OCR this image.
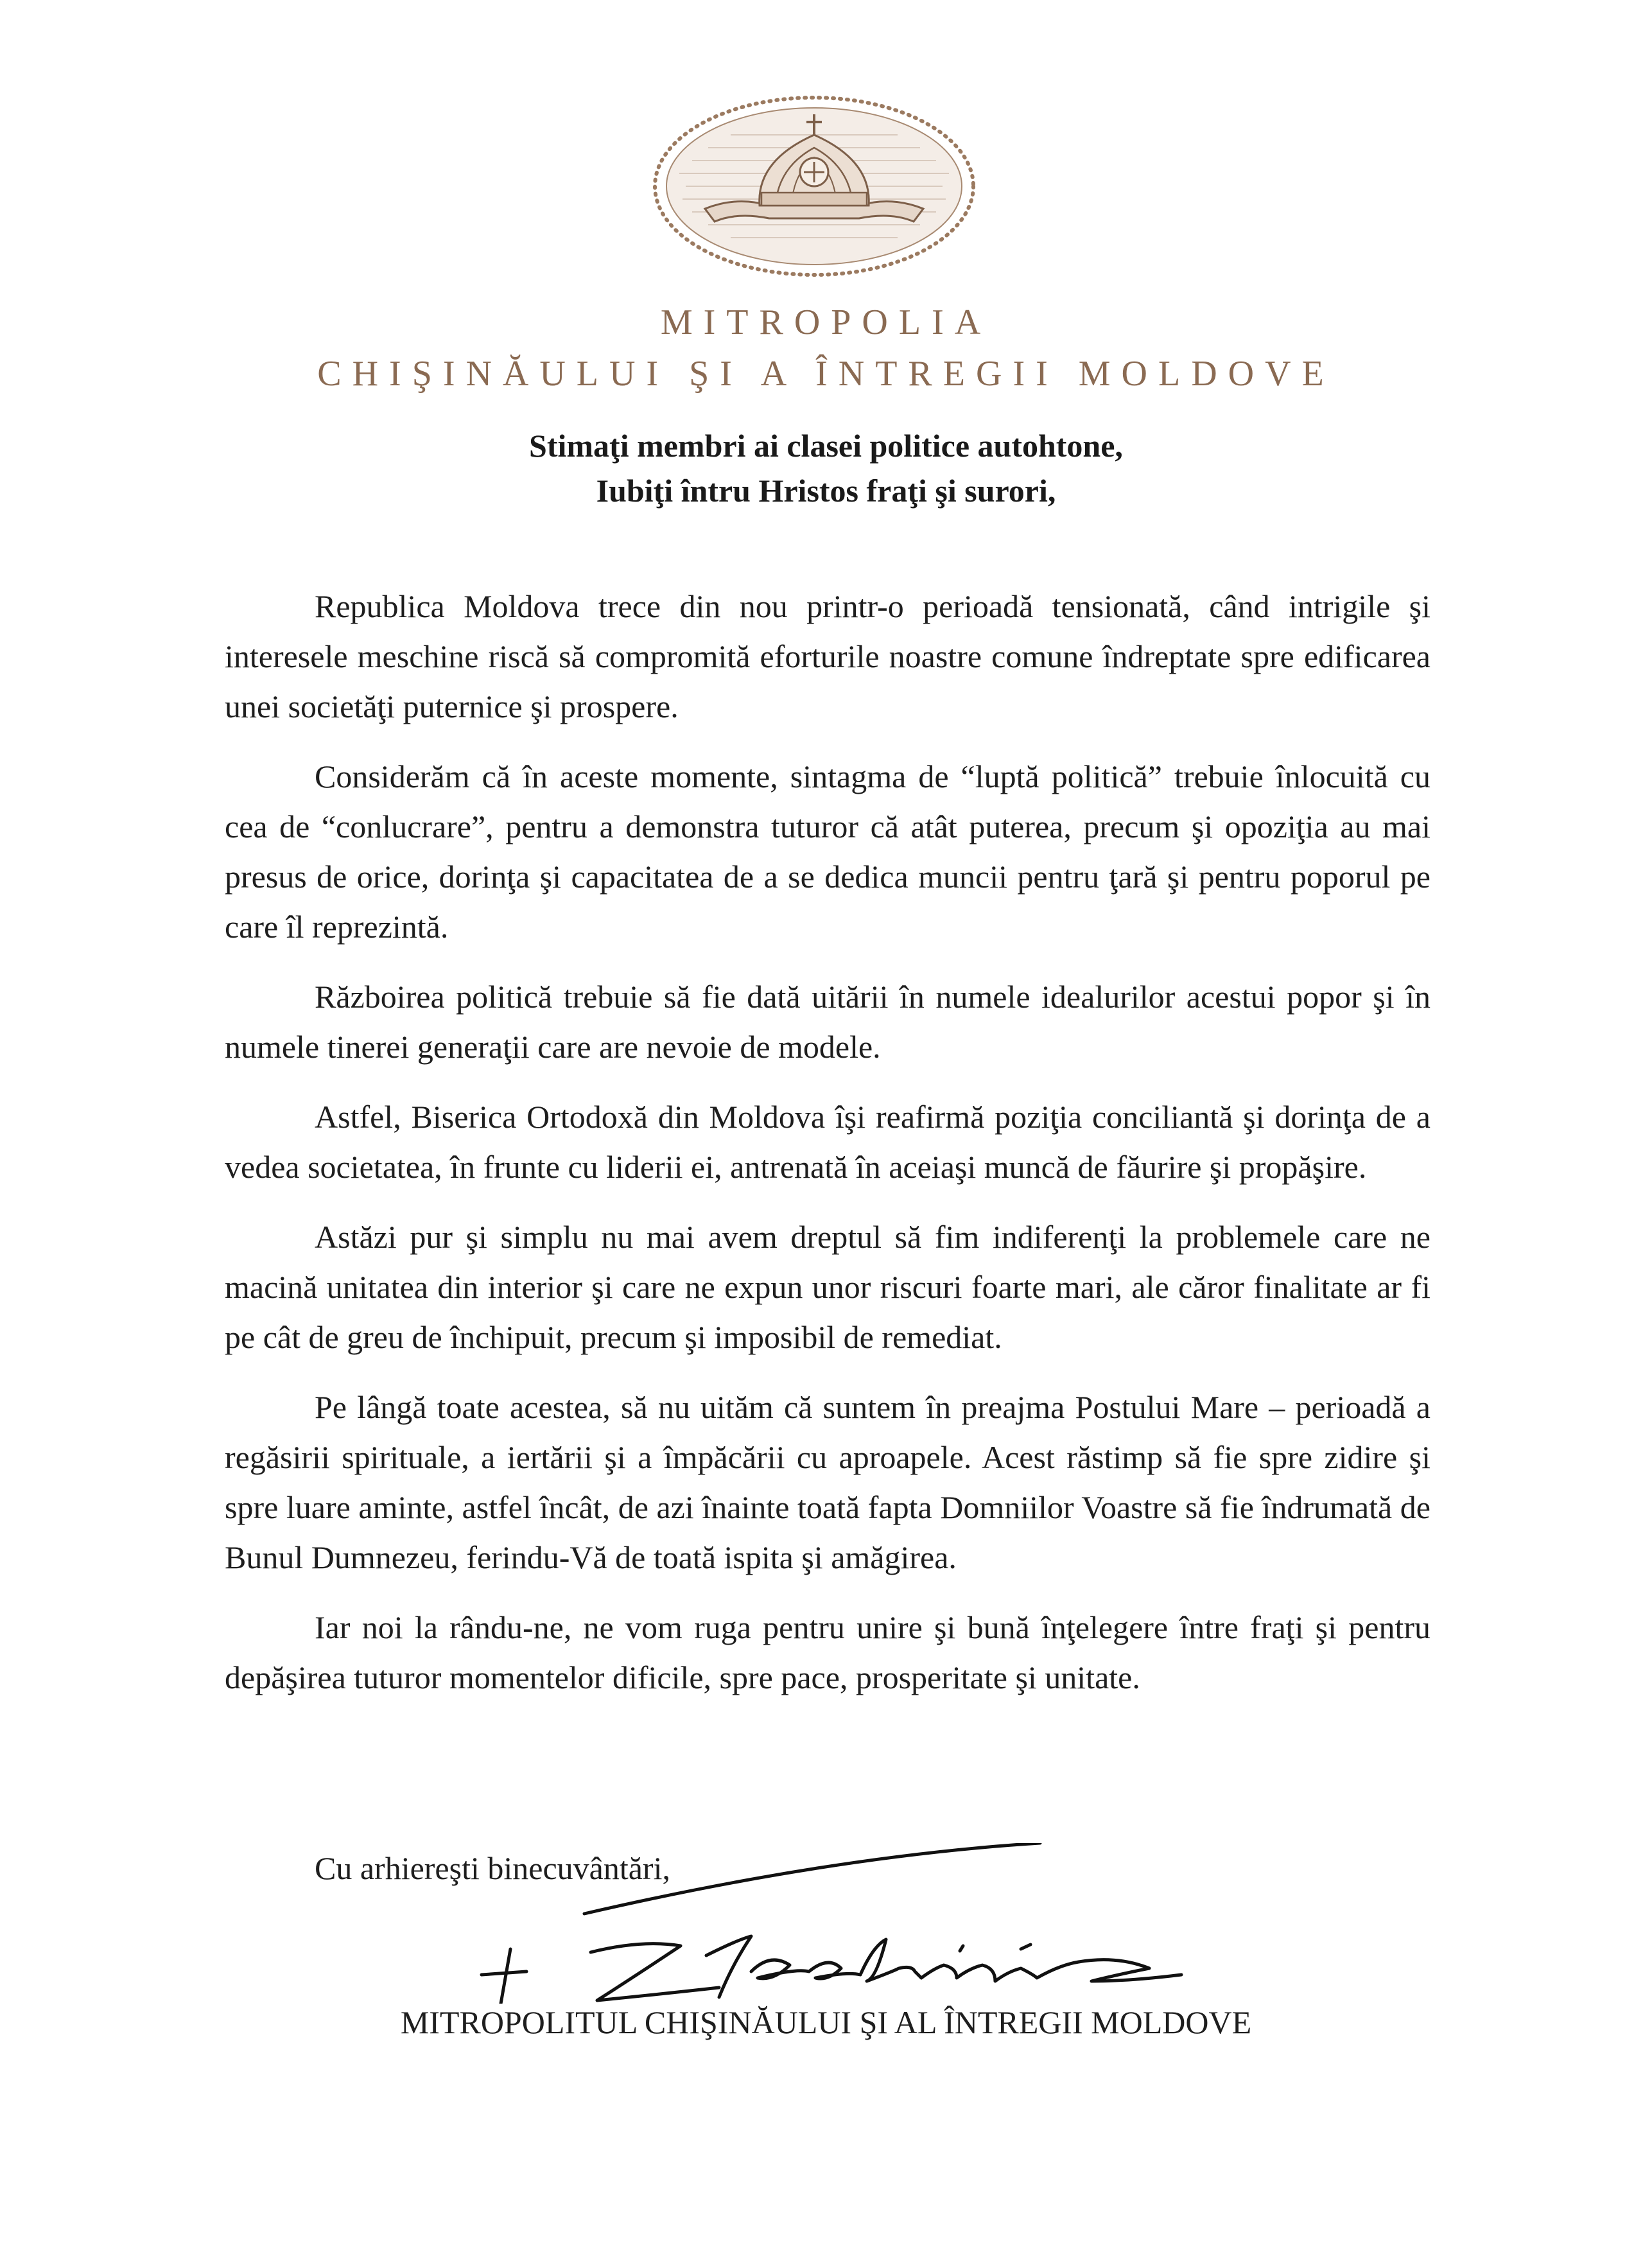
MITROPOLIA
CHIŞINĂULUI ŞI A ÎNTREGII MOLDOVE
Stimaţi membri ai clasei politice autohtone,
Iubiţi întru Hristos fraţi şi surori,

Republica Moldova trece din nou printr-o perioadă tensionată, când intrigile şi interesele meschine riscă să compromită eforturile noastre comune îndreptate spre edificarea unei societăţi puternice şi prospere.

Considerăm că în aceste momente, sintagma de “luptă politică” trebuie înlocuită cu cea de “conlucrare”, pentru a demonstra tuturor că atât puterea, precum şi opoziţia au mai presus de orice, dorinţa şi capacitatea de a se dedica muncii pentru ţară şi pentru poporul pe care îl reprezintă.

Războirea politică trebuie să fie dată uitării în numele idealurilor acestui popor şi în numele tinerei generaţii care are nevoie de modele.

Astfel, Biserica Ortodoxă din Moldova îşi reafirmă poziţia conciliantă şi dorinţa de a vedea societatea, în frunte cu liderii ei, antrenată în aceiaşi muncă de făurire şi propăşire.

Astăzi pur şi simplu nu mai avem dreptul să fim indiferenţi la problemele care ne macină unitatea din interior şi care ne expun unor riscuri foarte mari, ale căror finalitate ar fi pe cât de greu de închipuit, precum şi imposibil de remediat.

Pe lângă toate acestea, să nu uităm că suntem în preajma Postului Mare – perioadă a regăsirii spirituale, a iertării şi a împăcării cu aproapele. Acest răstimp să fie spre zidire şi spre luare aminte, astfel încât, de azi înainte toată fapta Domniilor Voastre să fie îndrumată de Bunul Dumnezeu, ferindu-Vă de toată ispita şi amăgirea.

Iar noi la rându-ne, ne vom ruga pentru unire şi bună înţelegere între fraţi şi pentru depăşirea tuturor momentelor dificile, spre pace, prosperitate şi unitate.

Cu arhiereşti binecuvântări,
MITROPOLITUL CHIŞINĂULUI ŞI AL ÎNTREGII MOLDOVE
